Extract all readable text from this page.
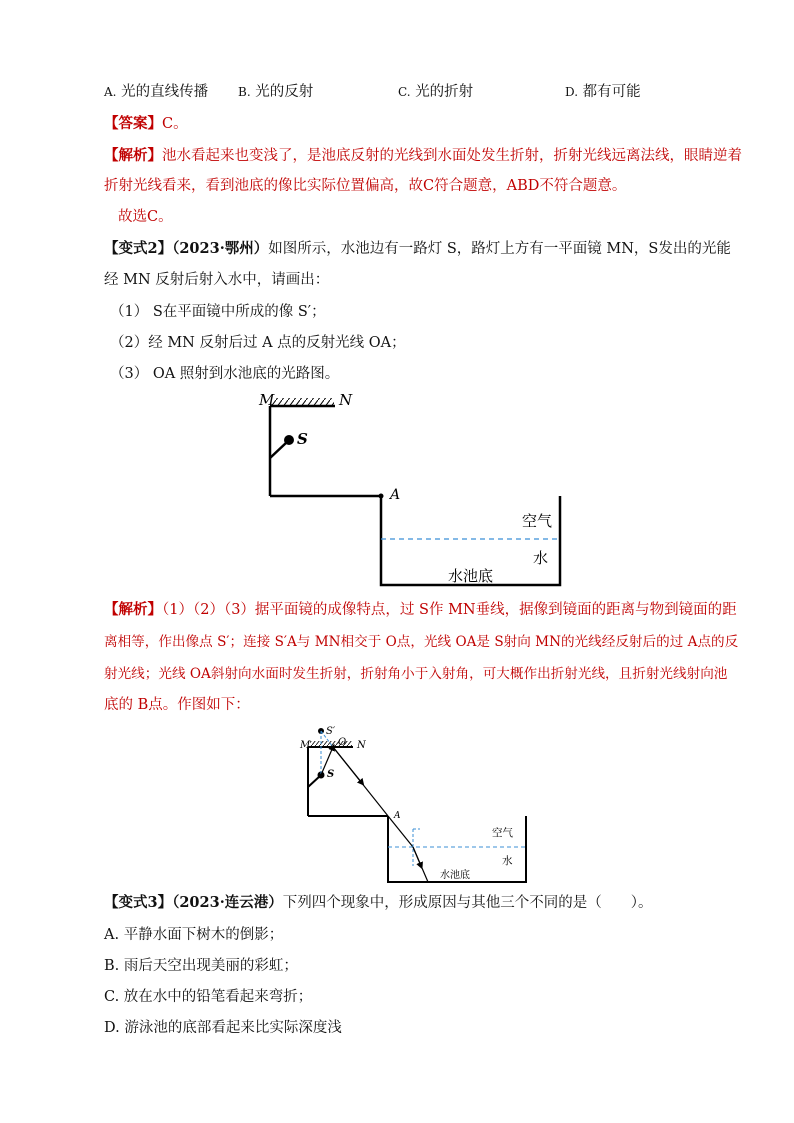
A. 光的直线传播 B. 光的反射	C. 光的折射	D. 都有可能
【答案】C。
【解析】池水看起来也变浅了，是池底反射的光线到水面处发生折射，折射光线远离法线，眼睛逆着
折射光线看来，看到池底的像比实际位置偏高，故C符合题意，ABD不符合题意。
故选C。
【变式2】（2023·鄂州）如图所示，水池边有一路灯 S，路灯上方有一平面镜 MN，S发出的光能
经 MN 反射后射入水中，请画出：
（1） S在平面镜中所成的像 S′；
（2）经 MN 反射后过 A 点的反射光线 OA；
（3） OA 照射到水池底的光路图。
M	N
S
A
空气
水
水池底
【解析】（1）（2）（3）据平面镜的成像特点，过 S作 MN垂线，据像到镜面的距离与物到镜面的距
离相等，作出像点 S′；连接 S′A与 MN相交于 O点，光线 OA是 S射向 MN的光线经反射后的过 A点的反
射光线；光线 OA斜射向水面时发生折射，折射角小于入射角，可大概作出折射光线，且折射光线射向池
底的 B点。作图如下：
S′
M	O N
S
A
空气
水
水池底
【变式3】（2023·连云港）下列四个现象中，形成原因与其他三个不同的是（　　）。
A. 平静水面下树木的倒影；
B. 雨后天空出现美丽的彩虹；
C. 放在水中的铅笔看起来弯折；
D. 游泳池的底部看起来比实际深度浅
